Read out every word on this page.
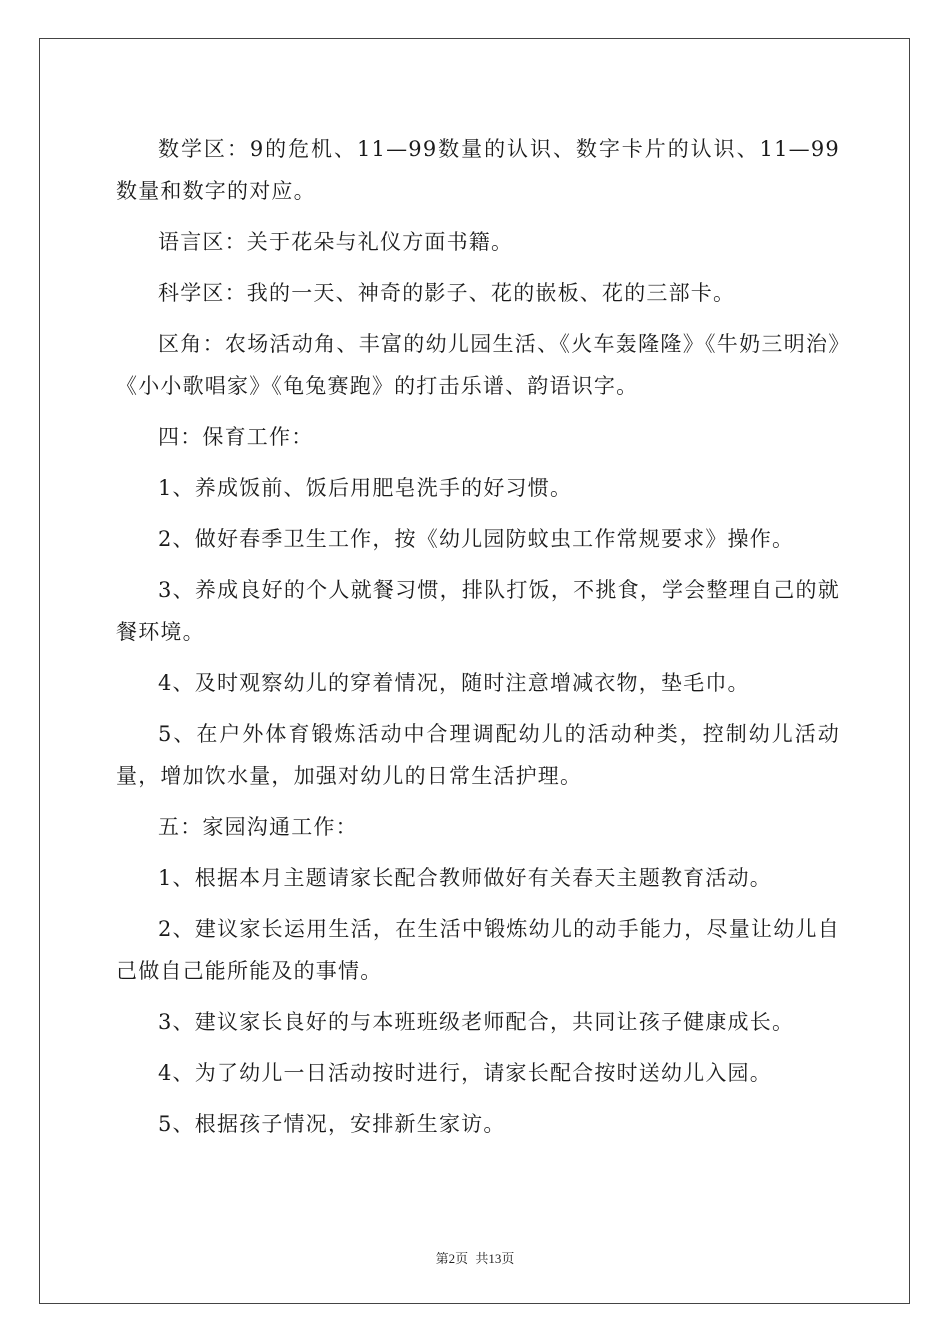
数学区：9的危机、11—99数量的认识、数字卡片的认识、11—99数量和数字的对应。

语言区：关于花朵与礼仪方面书籍。

科学区：我的一天、神奇的影子、花的嵌板、花的三部卡。

区角：农场活动角、丰富的幼儿园生活、《火车轰隆隆》《牛奶三明治》《小小歌唱家》《龟兔赛跑》的打击乐谱、韵语识字。

四：保育工作：

1、养成饭前、饭后用肥皂洗手的好习惯。

2、做好春季卫生工作，按《幼儿园防蚊虫工作常规要求》操作。

3、养成良好的个人就餐习惯，排队打饭，不挑食，学会整理自己的就餐环境。

4、及时观察幼儿的穿着情况，随时注意增减衣物，垫毛巾。

5、在户外体育锻炼活动中合理调配幼儿的活动种类，控制幼儿活动量，增加饮水量，加强对幼儿的日常生活护理。

五：家园沟通工作：

1、根据本月主题请家长配合教师做好有关春天主题教育活动。

2、建议家长运用生活，在生活中锻炼幼儿的动手能力，尽量让幼儿自己做自己能所能及的事情。

3、建议家长良好的与本班班级老师配合，共同让孩子健康成长。

4、为了幼儿一日活动按时进行，请家长配合按时送幼儿入园。

5、根据孩子情况，安排新生家访。

第2页 共13页
